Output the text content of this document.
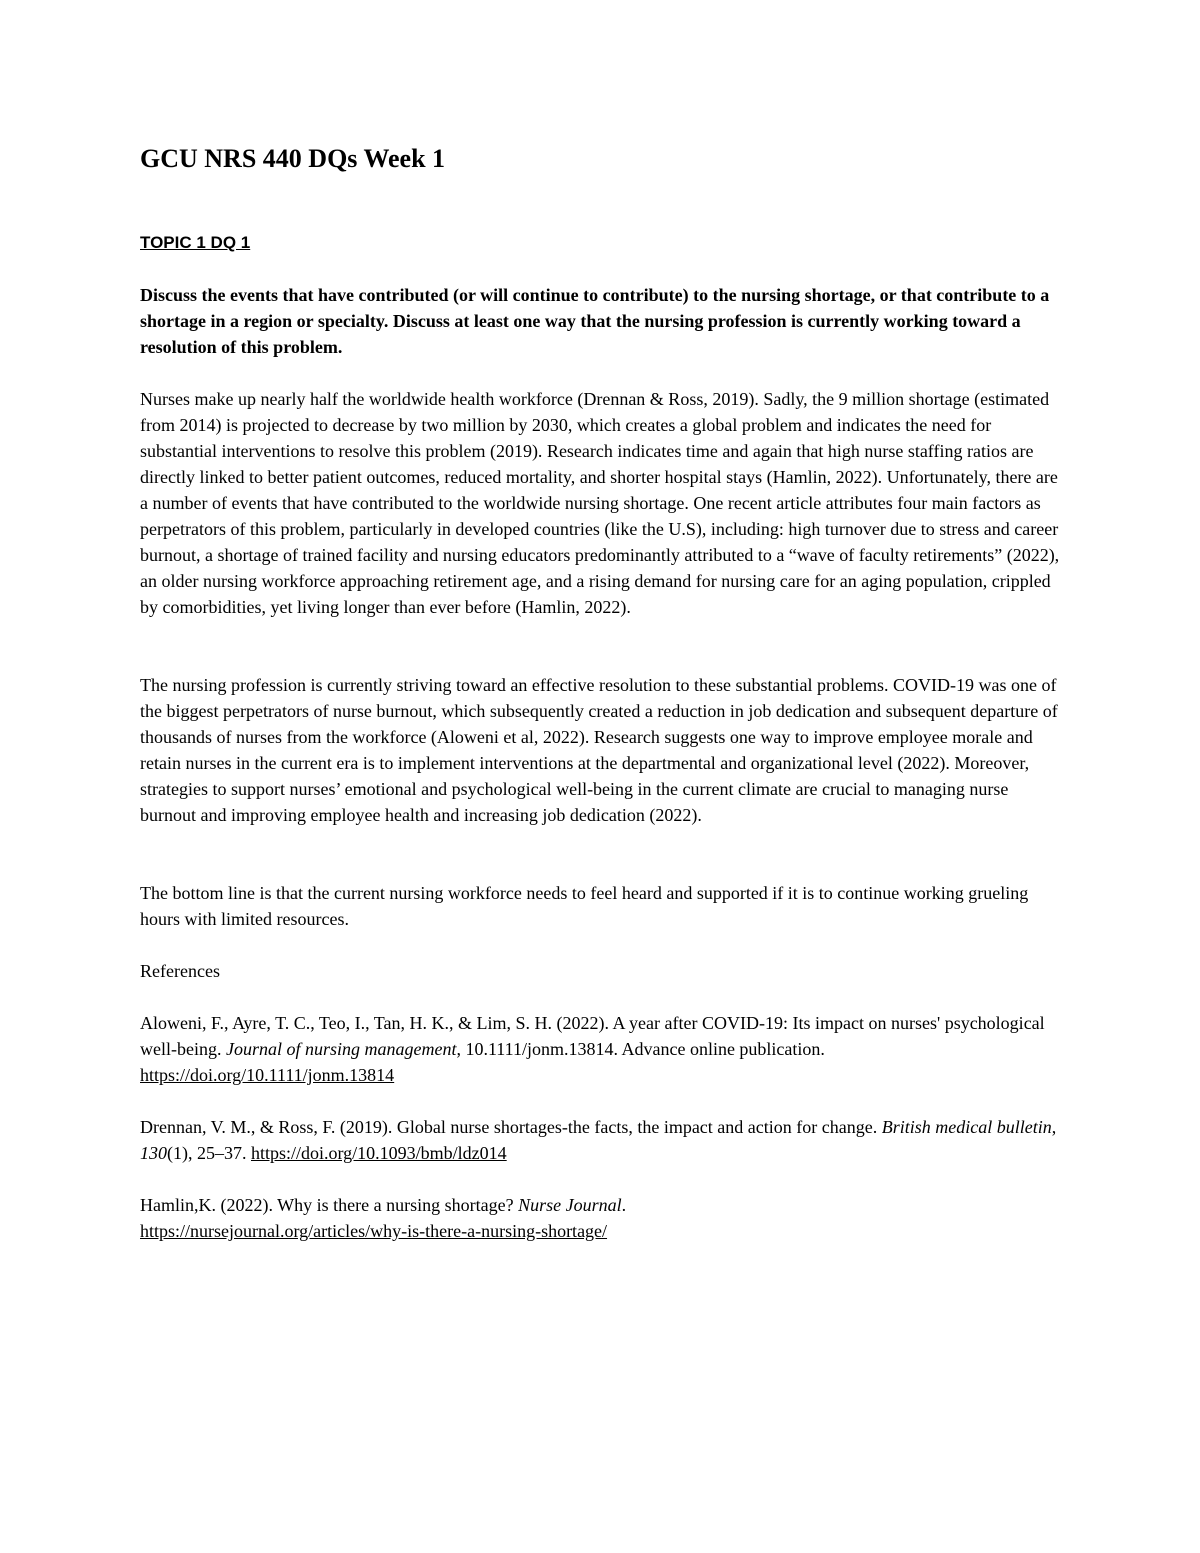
GCU NRS 440 DQs Week 1
TOPIC 1 DQ 1

Discuss the events that have contributed (or will continue to contribute) to the nursing shortage, or that contribute to a shortage in a region or specialty. Discuss at least one way that the nursing profession is currently working toward a resolution of this problem.

Nurses make up nearly half the worldwide health workforce (Drennan & Ross, 2019). Sadly, the 9 million shortage (estimated from 2014) is projected to decrease by two million by 2030, which creates a global problem and indicates the need for substantial interventions to resolve this problem (2019). Research indicates time and again that high nurse staffing ratios are directly linked to better patient outcomes, reduced mortality, and shorter hospital stays (Hamlin, 2022). Unfortunately, there are a number of events that have contributed to the worldwide nursing shortage. One recent article attributes four main factors as perpetrators of this problem, particularly in developed countries (like the U.S), including: high turnover due to stress and career burnout, a shortage of trained facility and nursing educators predominantly attributed to a “wave of faculty retirements” (2022), an older nursing workforce approaching retirement age, and a rising demand for nursing care for an aging population, crippled by comorbidities, yet living longer than ever before (Hamlin, 2022).

The nursing profession is currently striving toward an effective resolution to these substantial problems. COVID-19 was one of the biggest perpetrators of nurse burnout, which subsequently created a reduction in job dedication and subsequent departure of thousands of nurses from the workforce (Aloweni et al, 2022). Research suggests one way to improve employee morale and retain nurses in the current era is to implement interventions at the departmental and organizational level (2022). Moreover, strategies to support nurses’ emotional and psychological well-being in the current climate are crucial to managing nurse burnout and improving employee health and increasing job dedication (2022).

The bottom line is that the current nursing workforce needs to feel heard and supported if it is to continue working grueling hours with limited resources.

References

Aloweni, F., Ayre, T. C., Teo, I., Tan, H. K., & Lim, S. H. (2022). A year after COVID-19: Its impact on nurses' psychological well-being. Journal of nursing management, 10.1111/jonm.13814. Advance online publication. https://doi.org/10.1111/jonm.13814

Drennan, V. M., & Ross, F. (2019). Global nurse shortages-the facts, the impact and action for change. British medical bulletin, 130(1), 25–37. https://doi.org/10.1093/bmb/ldz014

Hamlin,K. (2022). Why is there a nursing shortage? Nurse Journal.
https://nursejournal.org/articles/why-is-there-a-nursing-shortage/
